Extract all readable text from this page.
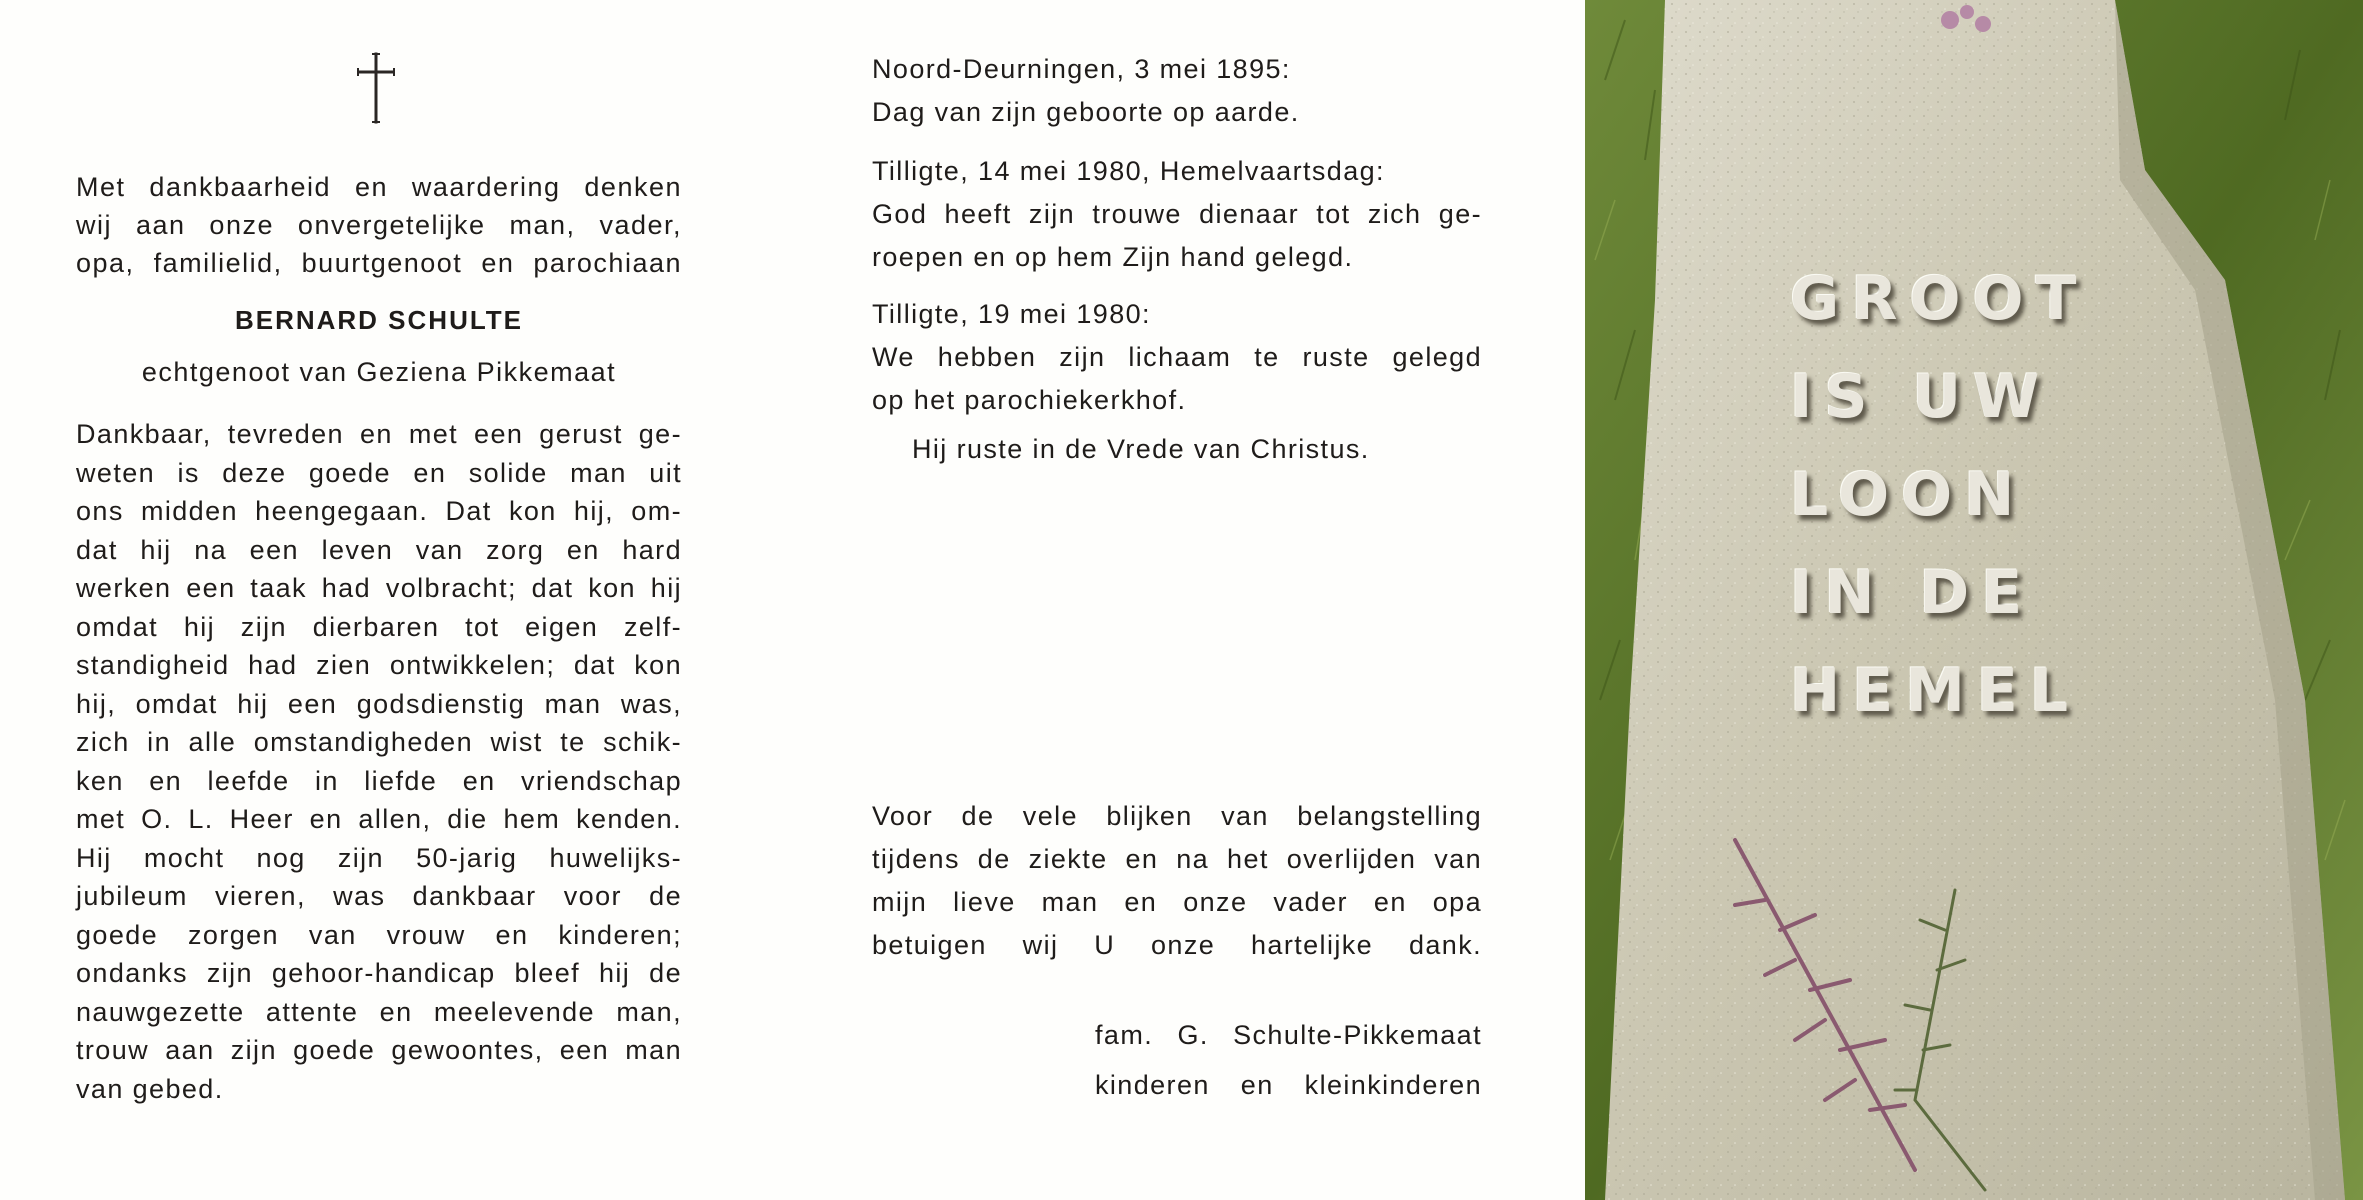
Met dankbaarheid en waardering denken
wij aan onze onvergetelijke man, vader,
opa, familielid, buurtgenoot en parochiaan
BERNARD SCHULTE
echtgenoot van Geziena Pikkemaat
Dankbaar, tevreden en met een gerust ge-
weten is deze goede en solide man uit
ons midden heengegaan. Dat kon hij, om-
dat hij na een leven van zorg en hard
werken een taak had volbracht; dat kon hij
omdat hij zijn dierbaren tot eigen zelf-
standigheid had zien ontwikkelen; dat kon
hij, omdat hij een godsdienstig man was,
zich in alle omstandigheden wist te schik-
ken en leefde in liefde en vriendschap
met O. L. Heer en allen, die hem kenden.
Hij mocht nog zijn 50-jarig huwelijks-
jubileum vieren, was dankbaar voor de
goede zorgen van vrouw en kinderen;
ondanks zijn gehoor-handicap bleef hij de
nauwgezette attente en meelevende man,
trouw aan zijn goede gewoontes, een man
van gebed.
Noord-Deurningen, 3 mei 1895:
Dag van zijn geboorte op aarde.
Tilligte, 14 mei 1980, Hemelvaartsdag:
God heeft zijn trouwe dienaar tot zich ge-
roepen en op hem Zijn hand gelegd.
Tilligte, 19 mei 1980:
We hebben zijn lichaam te ruste gelegd
op het parochiekerkhof.
Hij ruste in de Vrede van Christus.
Voor de vele blijken van belangstelling
tijdens de ziekte en na het overlijden van
mijn lieve man en onze vader en opa
betuigen wij U onze hartelijke dank.
fam. G. Schulte-Pikkemaat
kinderen en kleinkinderen
GROOT
IS UW
LOON
IN DE
HEMEL
